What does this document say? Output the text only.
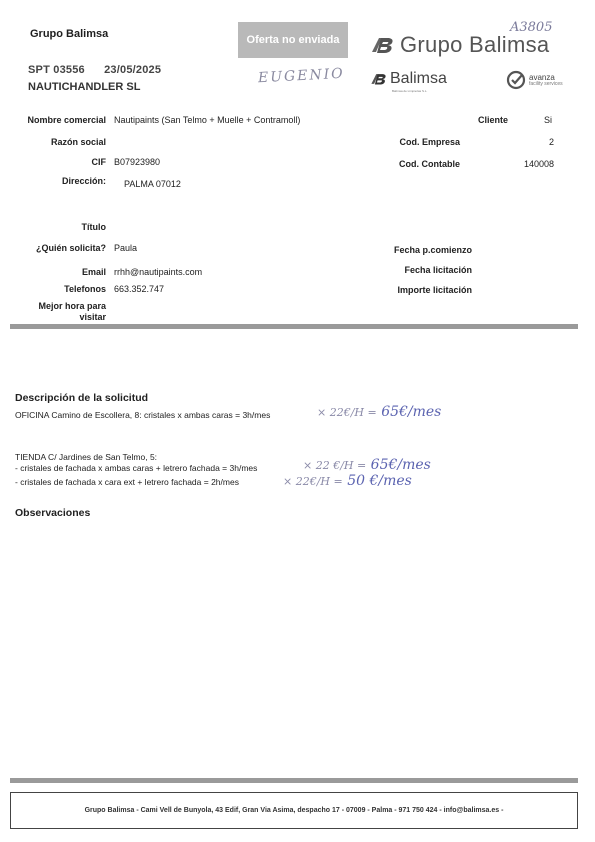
Grupo Balimsa
SPT 03556 23/05/2025
NAUTICHANDLER SL
Oferta no enviada
EUGENIO
A3805
Grupo Balimsa
Balimsa
Balimsa de Limpiezas S.L.
avanza
facility services
Nombre comercial Nautipaints (San Telmo + Muelle + Contramoll)
Razón social
CIF B07923980
Dirección: PALMA 07012
Título
¿Quién solicita? Paula
Email rrhh@nautipaints.com
Telefonos 663.352.747
Mejor hora para
visitar
Cliente	Si
Cod. Empresa	2
Cod. Contable	140008
Fecha p.comienzo
Fecha licitación
Importe licitación
Descripción de la solicitud
OFICINA Camino de Escollera, 8: cristales x ambas caras = 3h/mes	× 22€/H = 65€/mes
TIENDA C/ Jardines de San Telmo, 5:
- cristales de fachada x ambas caras + letrero fachada = 3h/mes	× 22 €/H = 65€/mes
- cristales de fachada x cara ext + letrero fachada = 2h/mes	× 22€/H = 50 €/mes
Observaciones
Grupo Balimsa - Cami Vell de Bunyola, 43 Edif, Gran Via Asima, despacho 17 - 07009 - Palma - 971 750 424 - info@balimsa.es -
